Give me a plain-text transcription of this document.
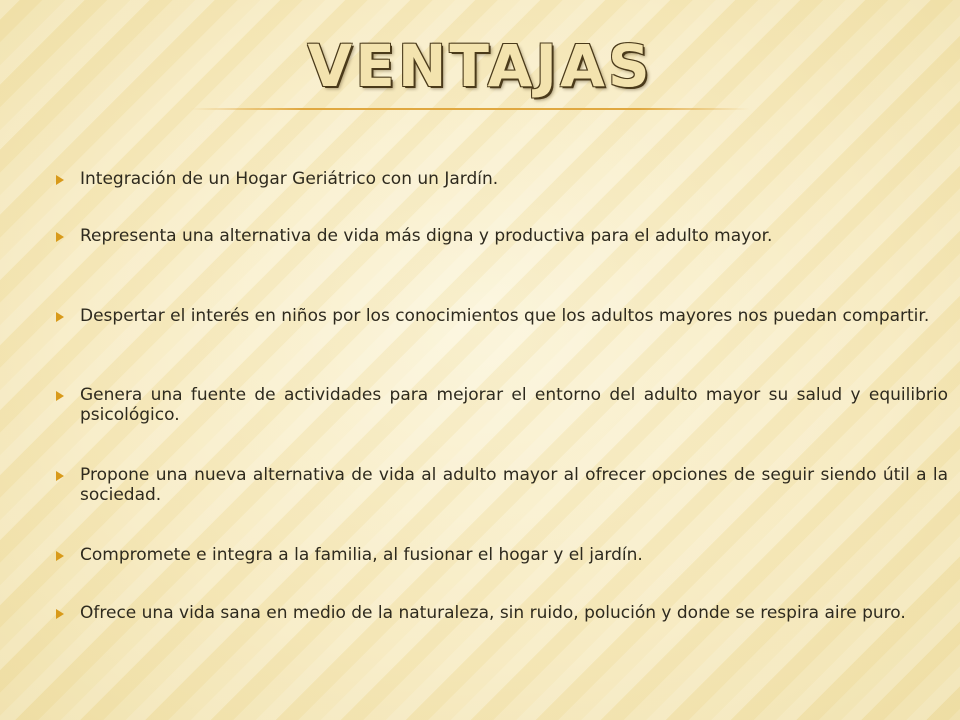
VENTAJAS
Integración de un Hogar Geriátrico con un Jardín.
Representa una alternativa de vida más digna y productiva para el adulto mayor.
Despertar el interés en niños por los conocimientos que los adultos mayores nos puedan compartir.
Genera una fuente de actividades para mejorar el entorno del adulto mayor su salud y equilibrio psicológico.
Propone una nueva alternativa de vida al adulto mayor al ofrecer opciones de seguir siendo útil a la sociedad.
Compromete e integra a la familia, al fusionar el hogar y el jardín.
Ofrece una vida sana en medio de la naturaleza, sin ruido, polución y donde se respira aire puro.
